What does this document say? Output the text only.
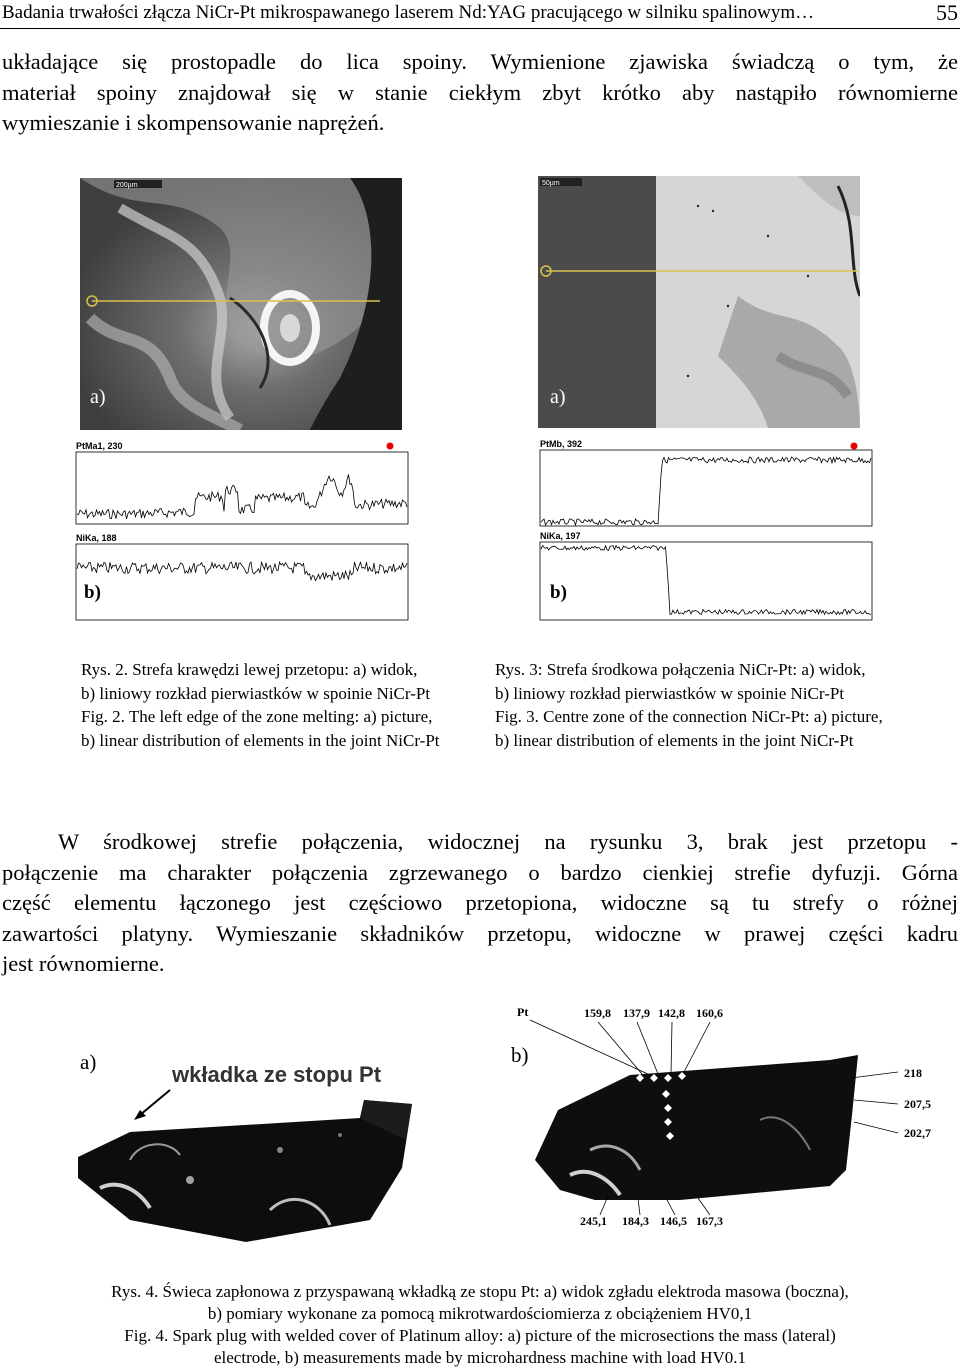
Badania trwałości złącza NiCr-Pt mikrospawanego laserem Nd:YAG pracującego w silniku spalinowym…	55
układające się prostopadle do lica spoiny. Wymienione zjawiska świadczą o tym, że
materiał spoiny znajdował się w stanie ciekłym zbyt krótko aby nastąpiło równomierne
wymieszanie i skompensowanie naprężeń.
200µm
a)
PtMa1, 230
NiKa, 188
b)
Rys. 2. Strefa krawędzi lewej przetopu: a) widok,
b) liniowy rozkład pierwiastków w spoinie NiCr-Pt
Fig. 2. The left edge of the zone melting: a) picture,
b) linear distribution of elements in the joint NiCr-Pt
50µm
a)
PtMb, 392
NiKa, 197
b)
Rys. 3: Strefa środkowa połączenia NiCr-Pt: a) widok,
b) liniowy rozkład pierwiastków w spoinie NiCr-Pt
Fig. 3. Centre zone of the connection NiCr-Pt: a) picture,
b) linear distribution of elements in the joint NiCr-Pt
W środkowej strefie połączenia, widocznej na rysunku 3, brak jest przetopu -
połączenie ma charakter połączenia zgrzewanego o bardzo cienkiej strefie dyfuzji. Górna
część elementu łączonego jest częściowo przetopiona, widoczne są tu strefy o różnej
zawartości platyny. Wymieszanie składników przetopu, widoczne w prawej części kadru
jest równomierne.
a)	b)
wkładka ze stopu Pt
Pt	159,8 137,9 142,8 160,6
218
207,5
202,7
245,1 184,3 146,5 167,3
Rys. 4. Świeca zapłonowa z przyspawaną wkładką ze stopu Pt: a) widok zgładu elektroda masowa (boczna),
b) pomiary wykonane za pomocą mikrotwardościomierza z obciążeniem HV0,1
Fig. 4. Spark plug with welded cover of Platinum alloy: a) picture of the microsections the mass (lateral)
electrode, b) measurements made by microhardness machine with load HV0.1
